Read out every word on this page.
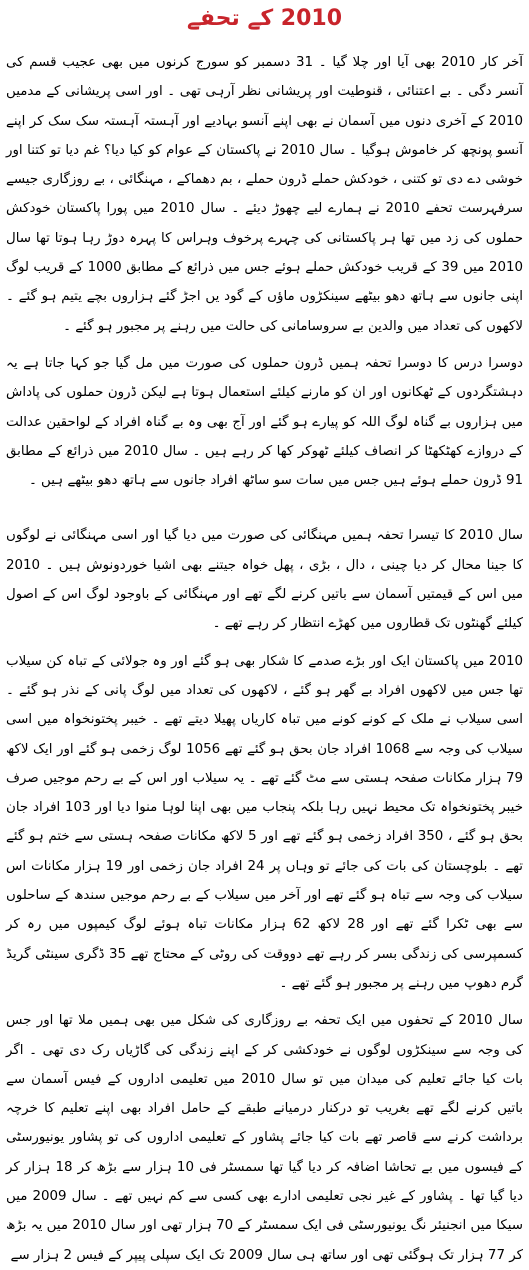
2010 کے تحفے

آخر کار 2010 بھی آیا اور چلا گیا ۔ 31 دسمبر کو سورج کرنوں میں بھی عجیب قسم کی آنسر دگی ۔ بے اعتنائی ، قنوطیت اور پریشانی نظر آرہی تھی ۔ اور اسی پریشانی کے مدمیں 2010 کے آخری دنوں میں آسمان نے بھی اپنے آنسو بہادیے اور آہستہ آہستہ سک سک کر اپنے آنسو پونچھ کر خاموش ہوگیا ۔ سال 2010 نے پاکستان کے عوام کو کیا دیا؟ غم دیا تو کتنا اور خوشی دے دی تو کتنی ، خودکش حملے ڈرون حملے ، بم دھماکے ، مہنگائی ، بے روزگاری جیسے سرفہرست تحفے 2010 نے ہمارے لیے چھوڑ دیئے ۔ سال 2010 میں پورا پاکستان خودکش حملوں کی زد میں تھا ہر پاکستانی کی چہرے پرخوف وہراس کا پہرہ دوڑ رہا ہوتا تھا سال 2010 میں 39 کے قریب خودکش حملے ہوئے جس میں ذرائع کے مطابق 1000 کے قریب لوگ اپنی جانوں سے ہاتھ دھو بیٹھے سینکڑوں ماؤں کے گود یں اجڑ گئے ہزاروں بچے یتیم ہو گئے ۔ لاکھوں کی تعداد میں والدین بے سروسامانی کی حالت میں رہنے پر مجبور ہو گئے ۔

دوسرا درس کا دوسرا تحفہ ہمیں ڈرون حملوں کی صورت میں مل گیا جو کہا جاتا ہے یہ دہشتگردوں کے ٹھکانوں اور ان کو مارنے کیلئے استعمال ہوتا ہے لیکن ڈرون حملوں کی پاداش میں ہزاروں بے گناہ لوگ اللہ کو پیارے ہو گئے اور آج بھی وہ بے گناہ افراد کے لواحقین عدالت کے دروازے کھٹکھٹا کر انصاف کیلئے ٹھوکر کھا کر رہے ہیں ۔ سال 2010 میں ذرائع کے مطابق 91 ڈرون حملے ہوئے ہیں جس میں سات سو ساٹھ افراد جانوں سے ہاتھ دھو بیٹھے ہیں ۔

سال 2010 کا تیسرا تحفہ ہمیں مہنگائی کی صورت میں دیا گیا اور اسی مہنگائی نے لوگوں کا جینا محال کر دیا چینی ، دال ، بڑی ، پھل خواہ جیتنے بھی اشیا خوردونوش ہیں ۔ 2010 میں اس کے قیمتیں آسمان سے باتیں کرنے لگے تھے اور مہنگائی کے باوجود لوگ اس کے اصول کیلئے گھنٹوں تک قطاروں میں کھڑے انتظار کر رہے تھے ۔

2010 میں پاکستان ایک اور بڑے صدمے کا شکار بھی ہو گئے اور وہ جولائی کے تباہ کن سیلاب تھا جس میں لاکھوں افراد بے گھر ہو گئے ، لاکھوں کی تعداد میں لوگ پانی کے نذر ہو گئے ۔ اسی سیلاب نے ملک کے کونے کونے میں تباہ کاریاں پھیلا دیتے تھے ۔ خیبر پختونخواہ میں اسی سیلاب کی وجہ سے 1068 افراد جان بحق ہو گئے تھے 1056 لوگ زخمی ہو گئے اور ایک لاکھ 79 ہزار مکانات صفحہ ہستی سے مٹ گئے تھے ۔ یہ سیلاب اور اس کے بے رحم موجیں صرف خیبر پختونخواہ تک محیط نہیں رہا بلکہ پنجاب میں بھی اپنا لوہا منوا دیا اور 103 افراد جان بحق ہو گئے ، 350 افراد زخمی ہو گئے تھے اور 5 لاکھ مکانات صفحہ ہستی سے ختم ہو گئے تھے ۔ بلوچستان کی بات کی جائے تو وہاں پر 24 افراد جان زخمی اور 19 ہزار مکانات اس سیلاب کی وجہ سے تباہ ہو گئے تھے اور آخر میں سیلاب کے بے رحم موجیں سندھ کے ساحلوں سے بھی ٹکرا گئے تھے اور 28 لاکھ 62 ہزار مکانات تباہ ہوئے لوگ کیمپوں میں رہ کر کسمپرسی کی زندگی بسر کر رہے تھے دووقت کی روٹی کے محتاج تھے 35 ڈگری سینٹی گریڈ گرم دھوپ میں رہنے پر مجبور ہو گئے تھے ۔

سال 2010 کے تحفوں میں ایک تحفہ بے روزگاری کی شکل میں بھی ہمیں ملا تھا اور جس کی وجہ سے سینکڑوں لوگوں نے خودکشی کر کے اپنے زندگی کی گاڑیاں رک دی تھی ۔ اگر بات کیا جائے تعلیم کی میدان میں تو سال 2010 میں تعلیمی اداروں کے فیس آسمان سے باتیں کرنے لگے تھے بغریب تو درکنار درمیانے طبقے کے حامل افراد بھی اپنے تعلیم کا خرچہ برداشت کرنے سے قاصر تھے بات کیا جائے پشاور کے تعلیمی اداروں کی تو پشاور یونیورسٹی کے فیسوں میں بے تحاشا اضافہ کر دیا گیا تھا سمسٹر فی 10 ہزار سے بڑھ کر 18 ہزار کر دیا گیا تھا ۔ پشاور کے غیر نجی تعلیمی ادارے بھی کسی سے کم نہیں تھے ۔ سال 2009 میں سیکا میں انجنیئر نگ یونیورسٹی فی ایک سمسٹر کے 70 ہزار تھی اور سال 2010 میں یہ بڑھ کر 77 ہزار تک ہوگئی تھی اور ساتھ ہی سال 2009 تک ایک سپلی پیپر کے فیس 2 ہزار سے
